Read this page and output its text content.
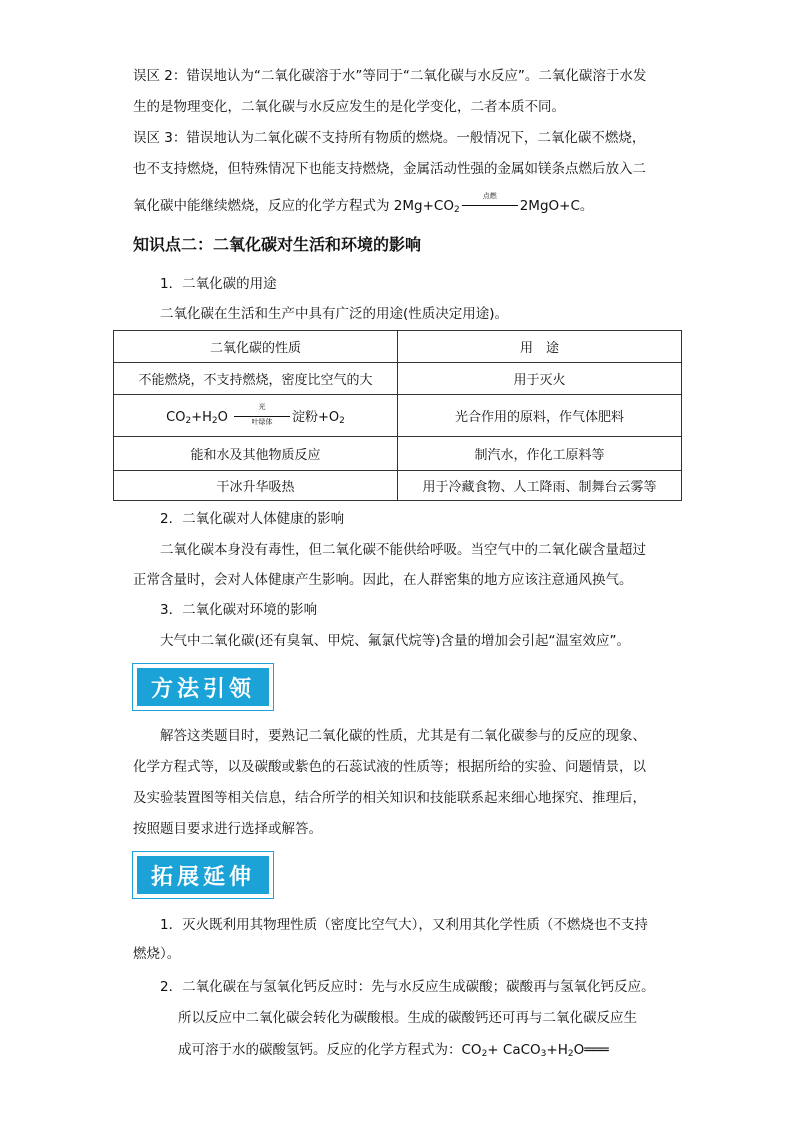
误区 2：错误地认为“二氧化碳溶于水”等同于“二氧化碳与水反应”。二氧化碳溶于水发
生的是物理变化，二氧化碳与水反应发生的是化学变化，二者本质不同。
误区 3：错误地认为二氧化碳不支持所有物质的燃烧。一般情况下，二氧化碳不燃烧，
也不支持燃烧，但特殊情况下也能支持燃烧，金属活动性强的金属如镁条点燃后放入二
氧化碳中能继续燃烧，反应的化学方程式为 $2Mg+CO_2$
点燃
2MgO+C。
知识点二：二氧化碳对生活和环境的影响
1．二氧化碳的用途
二氧化碳在生活和生产中具有广泛的用途(性质决定用途)。
二氧化碳的性质	用　途
不能燃烧，不支持燃烧，密度比空气的大	用于灭火
$CO_2+H_2O$
光
叶绿体 淀粉$+O_2$	光合作用的原料，作气体肥料
能和水及其他物质反应	制汽水，作化工原料等
干冰升华吸热	用于冷藏食物、人工降雨、制舞台云雾等
2．二氧化碳对人体健康的影响
二氧化碳本身没有毒性，但二氧化碳不能供给呼吸。当空气中的二氧化碳含量超过
正常含量时，会对人体健康产生影响。因此，在人群密集的地方应该注意通风换气。
3．二氧化碳对环境的影响
大气中二氧化碳(还有臭氧、甲烷、氟氯代烷等)含量的增加会引起“温室效应”。
方法引领
解答这类题目时，要熟记二氧化碳的性质，尤其是有二氧化碳参与的反应的现象、
化学方程式等，以及碳酸或紫色的石蕊试液的性质等；根据所给的实验、问题情景，以
及实验装置图等相关信息，结合所学的相关知识和技能联系起来细心地探究、推理后，
按照题目要求进行选择或解答。
拓展延伸
1．灭火既利用其物理性质（密度比空气大），又利用其化学性质（不燃烧也不支持
燃烧）。
2．二氧化碳在与氢氧化钙反应时：先与水反应生成碳酸；碳酸再与氢氧化钙反应。
所以反应中二氧化碳会转化为碳酸根。生成的碳酸钙还可再与二氧化碳反应生
成可溶于水的碳酸氢钙。反应的化学方程式为：$CO_2+$ $CaCO_3+H_2O═══$
